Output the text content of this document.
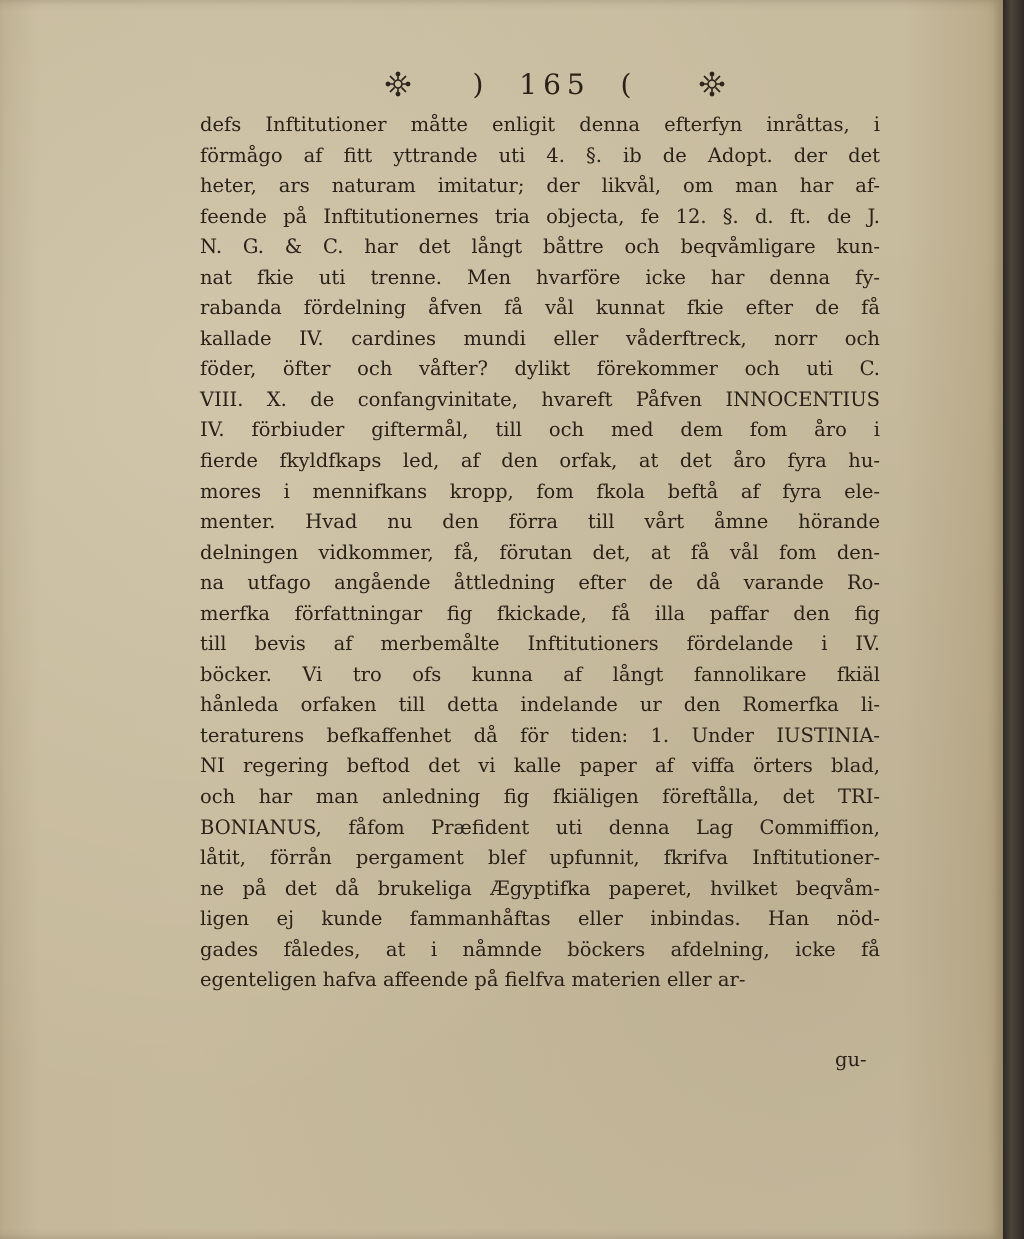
)  165  (
defs Inftitutioner måtte enligit denna efterfyn inråttas, i
förmågo af fitt yttrande uti 4. §. ib de Adopt. der det
heter, ars naturam imitatur; der likvål, om man har af-
feende på Inftitutionernes tria objecta, fe 12. §. d. ft. de J.
N. G. & C. har det långt båttre och beqvåmligare kun-
nat fkie uti trenne. Men hvarföre icke har denna fy-
rabanda fördelning åfven få vål kunnat fkie efter de få
kallade IV. cardines mundi eller våderftreck, norr och
föder, öfter och våfter? dylikt förekommer och uti C.
VIII. X. de confangvinitate, hvareft Påfven INNOCENTIUS
IV. förbiuder giftermål, till och med dem fom åro i
fierde fkyldfkaps led, af den orfak, at det åro fyra hu-
mores i mennifkans kropp, fom fkola beftå af fyra ele-
menter. Hvad nu den förra till vårt åmne hörande
delningen vidkommer, få, förutan det, at få vål fom den-
na utfago angående åttledning efter de då varande Ro-
merfka författningar fig fkickade, få illa paffar den fig
till bevis af merbemålte Inftitutioners fördelande i IV.
böcker. Vi tro ofs kunna af långt fannolikare fkiäl
hånleda orfaken till detta indelande ur den Romerfka li-
teraturens befkaffenhet då för tiden: 1. Under IUSTINIA-
NI regering beftod det vi kalle paper af viffa örters blad,
och har man anledning fig fkiäligen föreftålla, det TRI-
BONIANUS, fåfom Præfident uti denna Lag Commiffion,
låtit, förrån pergament blef upfunnit, fkrifva Inftitutioner-
ne på det då brukeliga Ægyptifka paperet, hvilket beqvåm-
ligen ej kunde fammanhåftas eller inbindas. Han nöd-
gades fåledes, at i nåmnde böckers afdelning, icke få
egenteligen hafva affeende på fielfva materien eller ar-
gu-
